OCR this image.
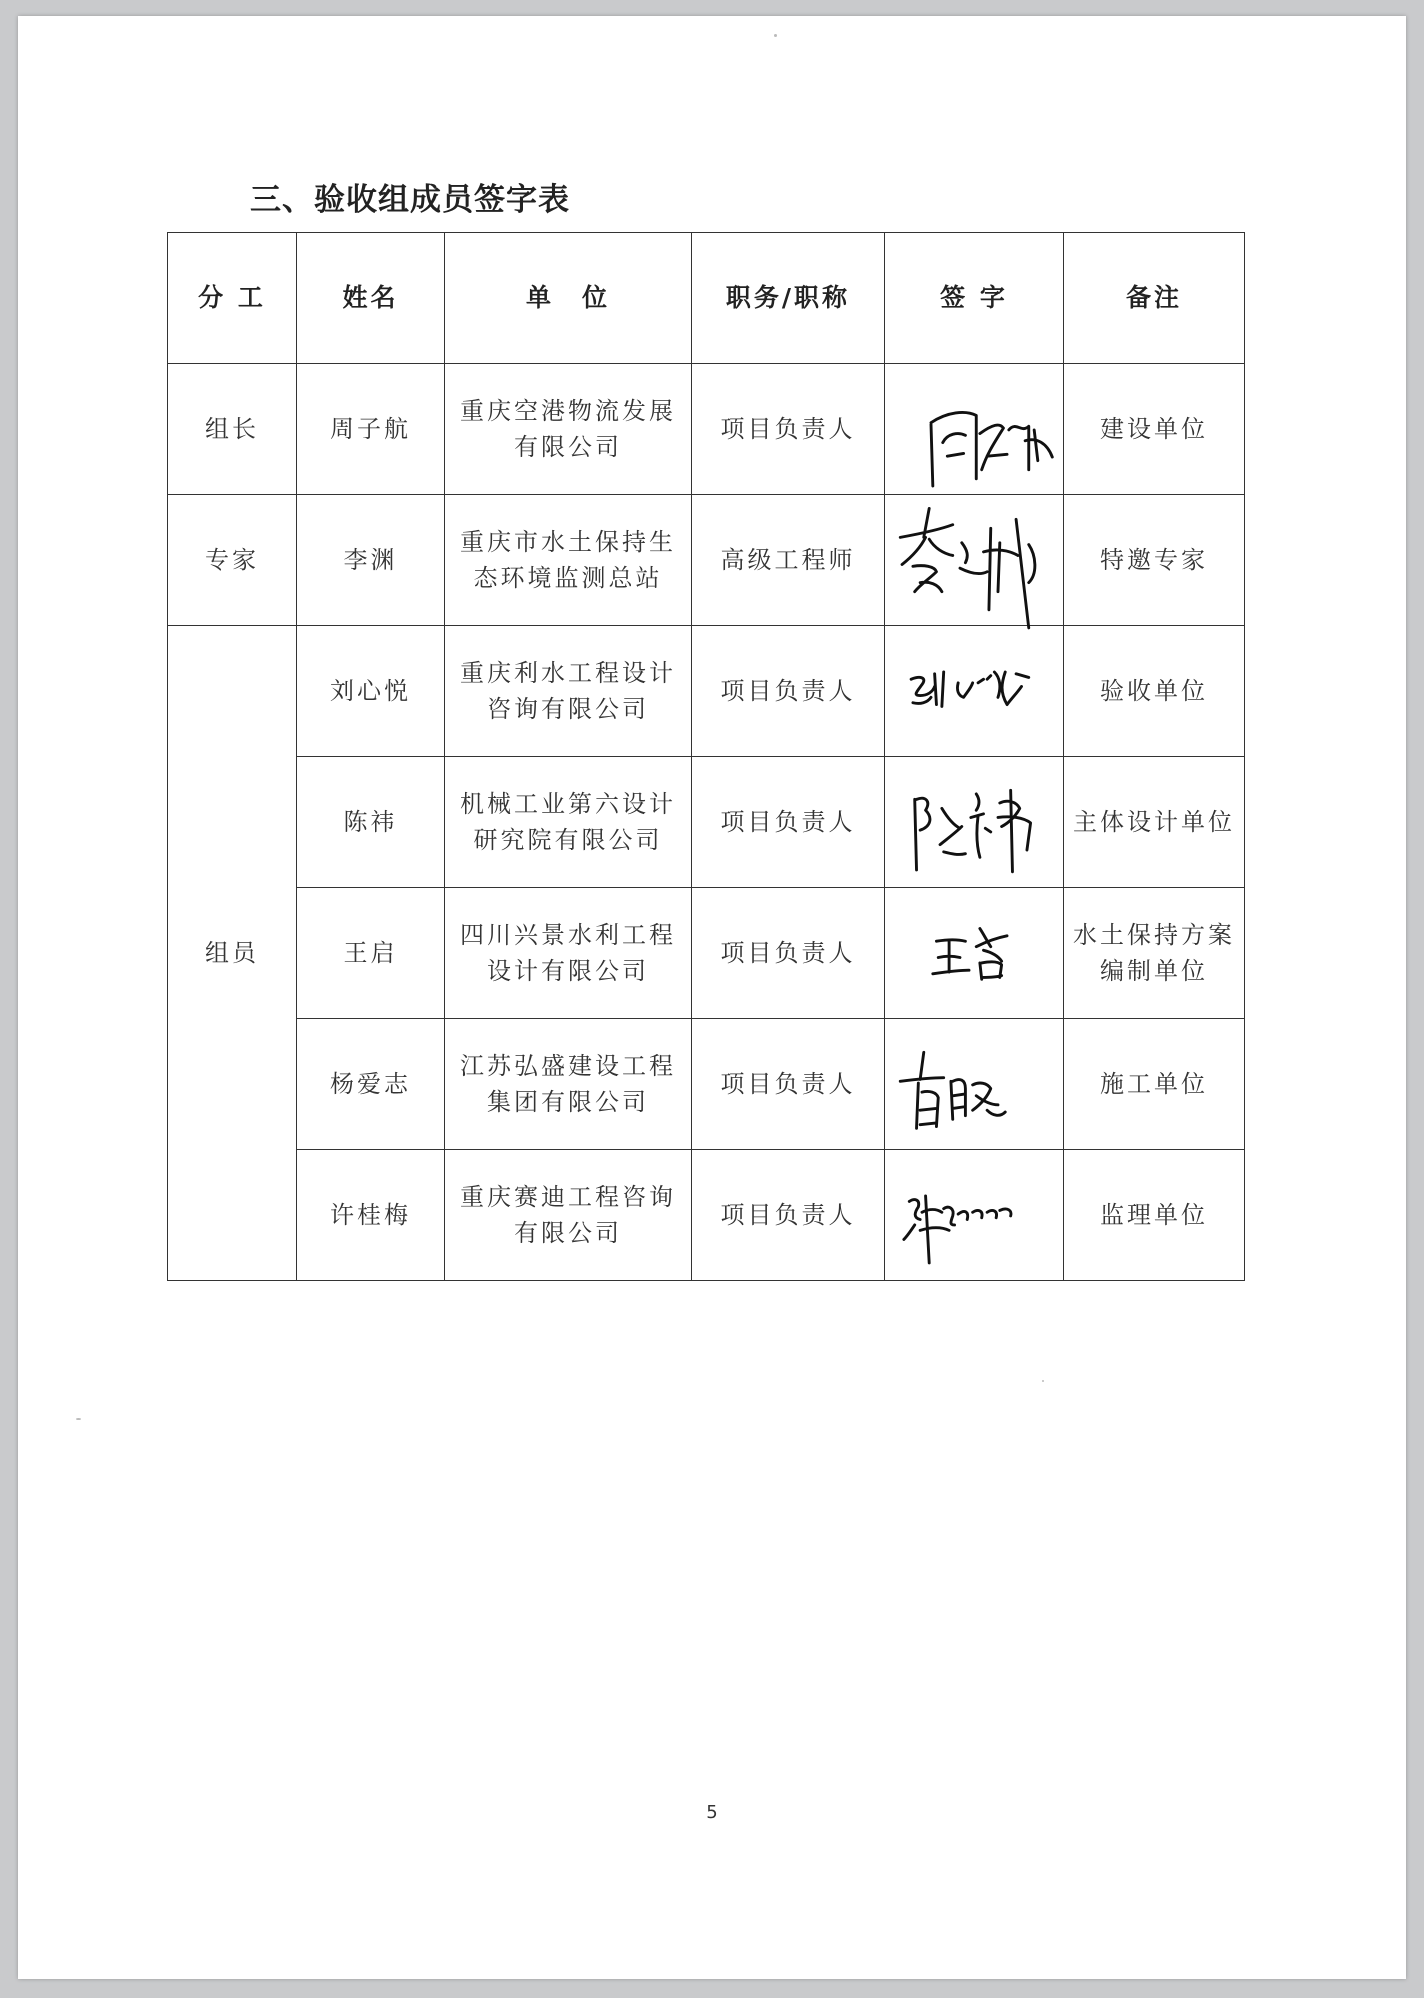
三、验收组成员签字表
分 工	姓名	单　位	职务/职称	签 字	备注
组长	周子航	重庆空港物流发展有限公司	项目负责人		建设单位
专家	李渊	重庆市水土保持生态环境监测总站	高级工程师		特邀专家
组员	刘心悦	重庆利水工程设计咨询有限公司	项目负责人		验收单位
	陈祎	机械工业第六设计研究院有限公司	项目负责人		主体设计单位
	王启	四川兴景水利工程设计有限公司	项目负责人		水土保持方案编制单位
	杨爱志	江苏弘盛建设工程集团有限公司	项目负责人		施工单位
	许桂梅	重庆赛迪工程咨询有限公司	项目负责人		监理单位

5
